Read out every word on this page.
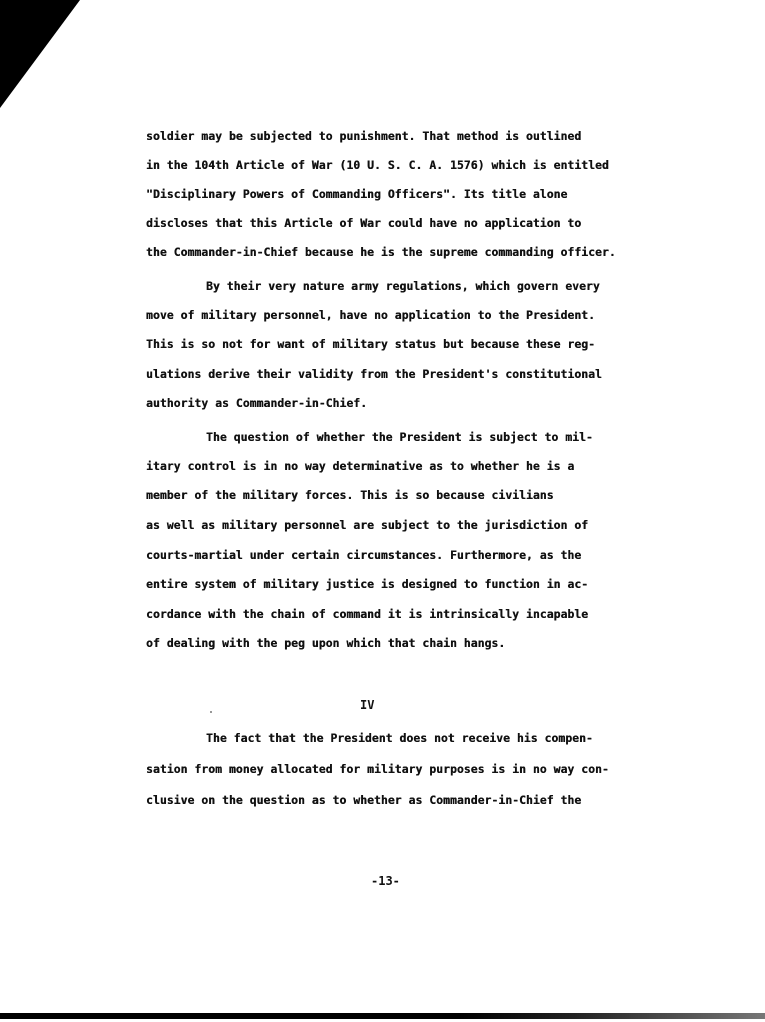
soldier may be subjected to punishment. That method is outlined

in the 104th Article of War (10 U. S. C. A. 1576) which is entitled

"Disciplinary Powers of Commanding Officers". Its title alone

discloses that this Article of War could have no application to

the Commander-in-Chief because he is the supreme commanding officer.

By their very nature army regulations, which govern every

move of military personnel, have no application to the President.

This is so not for want of military status but because these reg-

ulations derive their validity from the President's constitutional

authority as Commander-in-Chief.

The question of whether the President is subject to mil-

itary control is in no way determinative as to whether he is a

member of the military forces. This is so because civilians

as well as military personnel are subject to the jurisdiction of

courts-martial under certain circumstances. Furthermore, as the

entire system of military justice is designed to function in ac-

cordance with the chain of command it is intrinsically incapable

of dealing with the peg upon which that chain hangs.

IV

The fact that the President does not receive his compen-

sation from money allocated for military purposes is in no way con-

clusive on the question as to whether as Commander-in-Chief the

-13-
